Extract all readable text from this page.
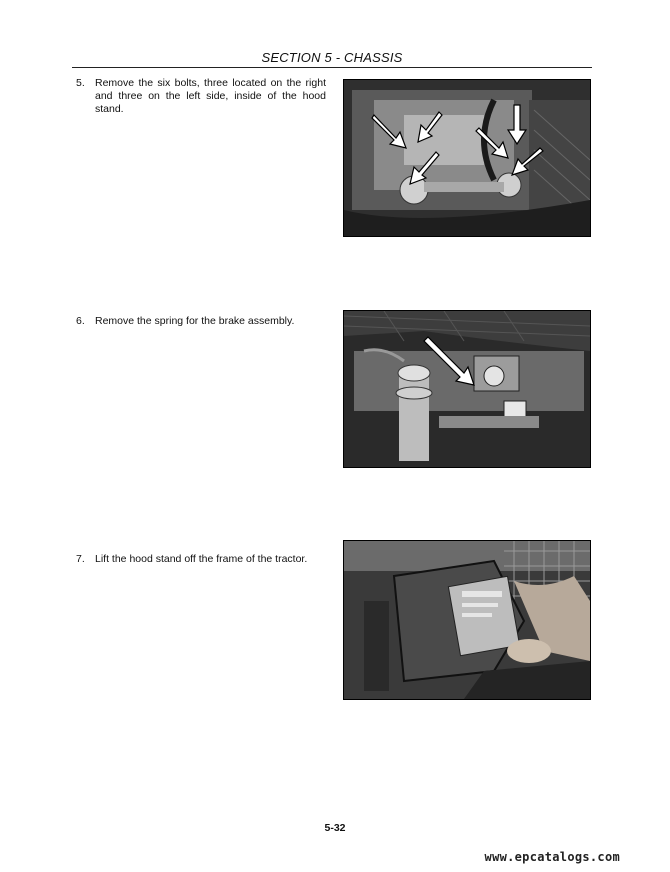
SECTION 5 - CHASSIS
5. Remove the six bolts, three located on the right and three on the left side, inside of the hood stand.
6. Remove the spring for the brake assembly.
7. Lift the hood stand off the frame of the tractor.
5-32
www.epcatalogs.com
